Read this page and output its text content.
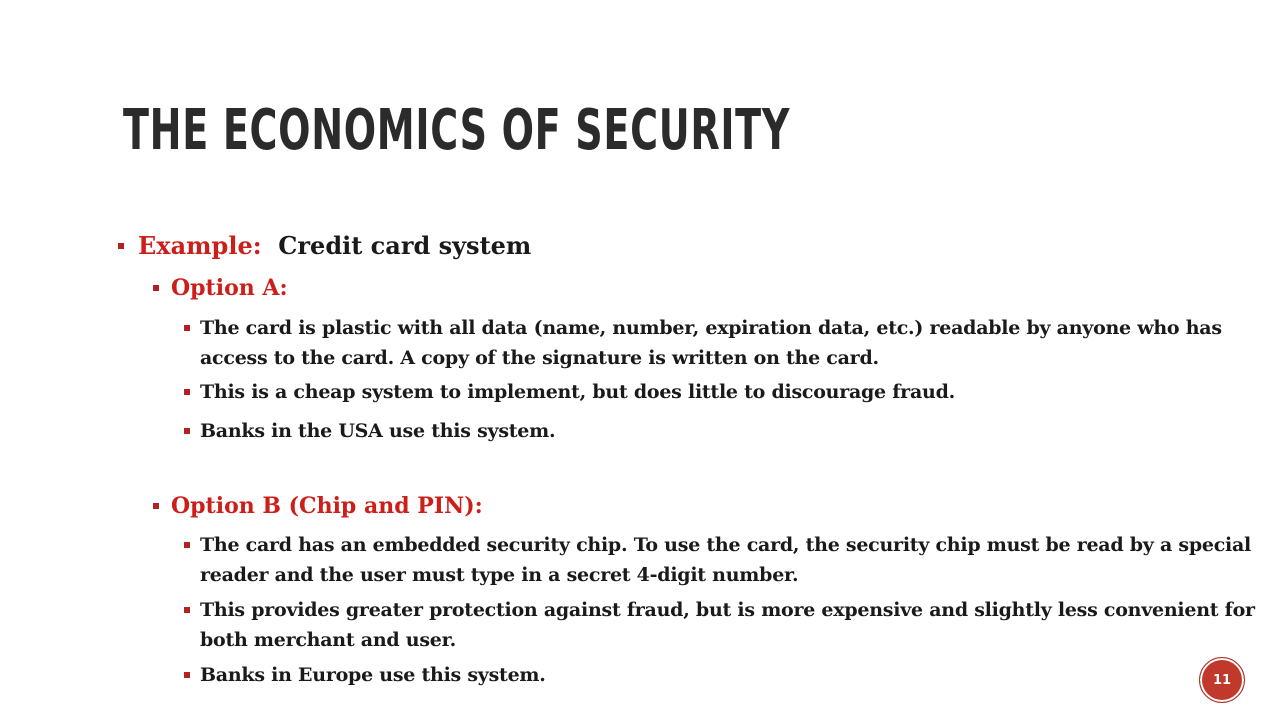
THE ECONOMICS OF SECURITY
Example: Credit card system
Option A:
The card is plastic with all data (name, number, expiration data, etc.) readable by anyone who has access to the card. A copy of the signature is written on the card.
This is a cheap system to implement, but does little to discourage fraud.
Banks in the USA use this system.
Option B (Chip and PIN):
The card has an embedded security chip. To use the card, the security chip must be read by a special reader and the user must type in a secret 4-digit number.
This provides greater protection against fraud, but is more expensive and slightly less convenient for both merchant and user.
Banks in Europe use this system.	11
